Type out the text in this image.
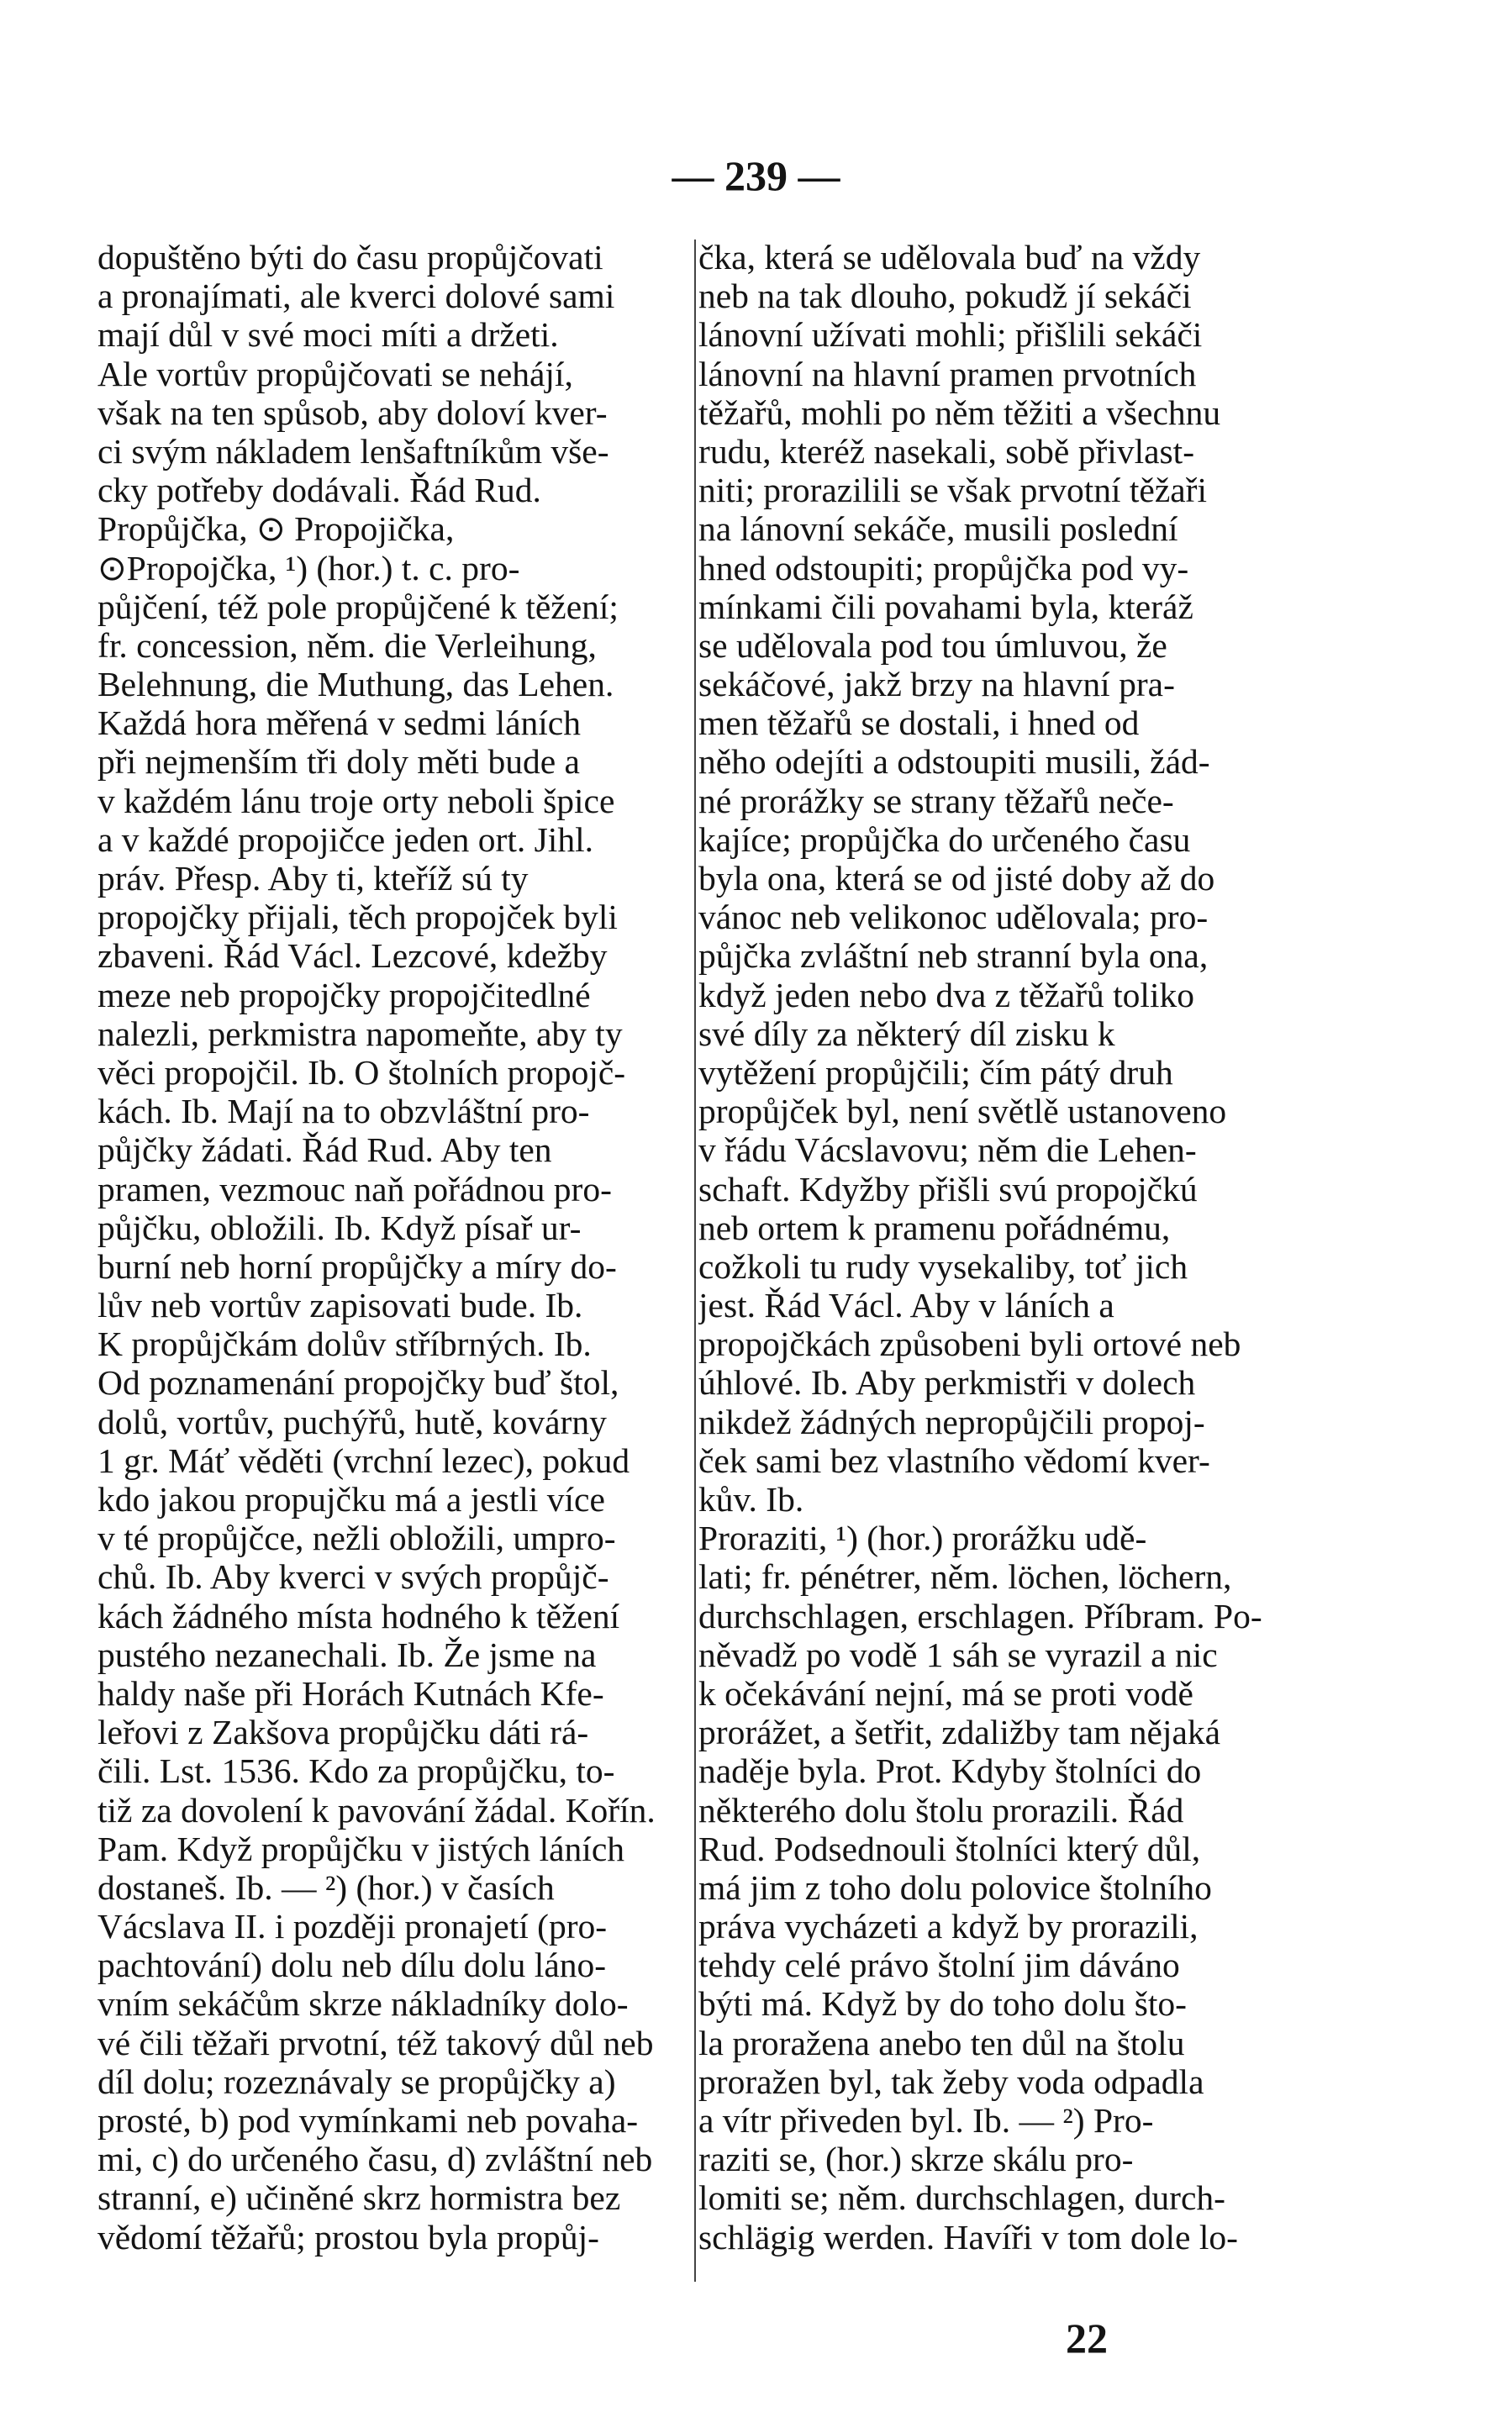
— 239 —
dopuštěno býti do času propůjčovati
a pronajímati, ale kverci dolové sami
mají důl v své moci míti a držeti.
Ale vortův propůjčovati se nehájí,
však na ten spůsob, aby doloví kver-
ci svým nákladem lenšaftníkům vše-
cky potřeby dodávali. Řád Rud.
Propůjčka, ⊙ Propojička,
⊙Propojčka, ¹) (hor.) t. c. pro-
půjčení, též pole propůjčené k těžení;
fr. concession, něm. die Verleihung,
Belehnung, die Muthung, das Lehen.
Každá hora měřená v sedmi láních
při nejmenším tři doly měti bude a
v každém lánu troje orty neboli špice
a v každé propojičce jeden ort. Jihl.
práv. Přesp. Aby ti, kteříž sú ty
propojčky přijali, těch propojček byli
zbaveni. Řád Václ. Lezcové, kdežby
meze neb propojčky propojčitedlné
nalezli, perkmistra napomeňte, aby ty
věci propojčil. Ib. O štolních propojč-
kách. Ib. Mají na to obzvláštní pro-
půjčky žádati. Řád Rud. Aby ten
pramen, vezmouc naň pořádnou pro-
půjčku, obložili. Ib. Když písař ur-
burní neb horní propůjčky a míry do-
lův neb vortův zapisovati bude. Ib.
K propůjčkám dolův stříbrných. Ib.
Od poznamenání propojčky buď štol,
dolů, vortův, puchýřů, hutě, kovárny
1 gr. Máť věděti (vrchní lezec), pokud
kdo jakou propujčku má a jestli více
v té propůjčce, nežli obložili, umpro-
chů. Ib. Aby kverci v svých propůjč-
kách žádného místa hodného k těžení
pustého nezanechali. Ib. Že jsme na
haldy naše při Horách Kutnách Kfe-
leřovi z Zakšova propůjčku dáti rá-
čili. Lst. 1536. Kdo za propůjčku, to-
tiž za dovolení k pavování žádal. Kořín.
Pam. Když propůjčku v jistých láních
dostaneš. Ib. — ²) (hor.) v časích
Vácslava II. i později pronajetí (pro-
pachtování) dolu neb dílu dolu láno-
vním sekáčům skrze nákladníky dolo-
vé čili těžaři prvotní, též takový důl neb
díl dolu; rozeznávaly se propůjčky a)
prosté, b) pod vymínkami neb povaha-
mi, c) do určeného času, d) zvláštní neb
stranní, e) učiněné skrz hormistra bez
vědomí těžařů; prostou byla propůj-
čka, která se udělovala buď na vždy
neb na tak dlouho, pokudž jí sekáči
lánovní užívati mohli; přišlili sekáči
lánovní na hlavní pramen prvotních
těžařů, mohli po něm těžiti a všechnu
rudu, kteréž nasekali, sobě přivlast-
niti; prorazilili se však prvotní těžaři
na lánovní sekáče, musili poslední
hned odstoupiti; propůjčka pod vy-
mínkami čili povahami byla, kteráž
se udělovala pod tou úmluvou, že
sekáčové, jakž brzy na hlavní pra-
men těžařů se dostali, i hned od
něho odejíti a odstoupiti musili, žád-
né prorážky se strany těžařů neče-
kajíce; propůjčka do určeného času
byla ona, která se od jisté doby až do
vánoc neb velikonoc udělovala; pro-
půjčka zvláštní neb stranní byla ona,
když jeden nebo dva z těžařů toliko
své díly za některý díl zisku k
vytěžení propůjčili; čím pátý druh
propůjček byl, není světlě ustanoveno
v řádu Vácslavovu; něm die Lehen-
schaft. Kdyžby přišli svú propojčkú
neb ortem k pramenu pořádnému,
cožkoli tu rudy vysekaliby, toť jich
jest. Řád Václ. Aby v láních a
propojčkách způsobeni byli ortové neb
úhlové. Ib. Aby perkmistři v dolech
nikdež žádných nepropůjčili propoj-
ček sami bez vlastního vědomí kver-
kův. Ib.
Proraziti, ¹) (hor.) prorážku udě-
lati; fr. pénétrer, něm. löchen, löchern,
durchschlagen, erschlagen. Příbram. Po-
něvadž po vodě 1 sáh se vyrazil a nic
k očekávání nejní, má se proti vodě
prorážet, a šetřit, zdaližby tam nějaká
naděje byla. Prot. Kdyby štolníci do
některého dolu štolu prorazili. Řád
Rud. Podsednouli štolníci který důl,
má jim z toho dolu polovice štolního
práva vycházeti a když by prorazili,
tehdy celé právo štolní jim dáváno
býti má. Když by do toho dolu što-
la proražena anebo ten důl na štolu
proražen byl, tak žeby voda odpadla
a vítr přiveden byl. Ib. — ²) Pro-
raziti se, (hor.) skrze skálu pro-
lomiti se; něm. durchschlagen, durch-
schlägig werden. Havíři v tom dole lo-
22
